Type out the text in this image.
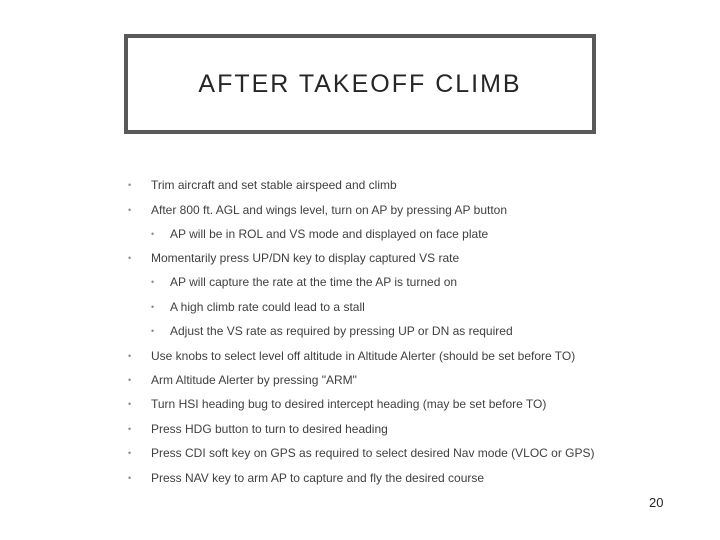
AFTER TAKEOFF CLIMB
• Trim aircraft and set stable airspeed and climb
• After 800 ft. AGL and wings level, turn on AP by pressing AP button
• AP will be in ROL and VS mode and displayed on face plate
• Momentarily press UP/DN key to display captured VS rate
• AP will capture the rate at the time the AP is turned on
• A high climb rate could lead to a stall
• Adjust the VS rate as required by pressing UP or DN as required
• Use knobs to select level off altitude in Altitude Alerter (should be set before TO)
• Arm Altitude Alerter by pressing "ARM"
• Turn HSI heading bug to desired intercept heading (may be set before TO)
• Press HDG button to turn to desired heading
• Press CDI soft key on GPS as required to select desired Nav mode (VLOC or GPS)
• Press NAV key to arm AP to capture and fly the desired course
20
